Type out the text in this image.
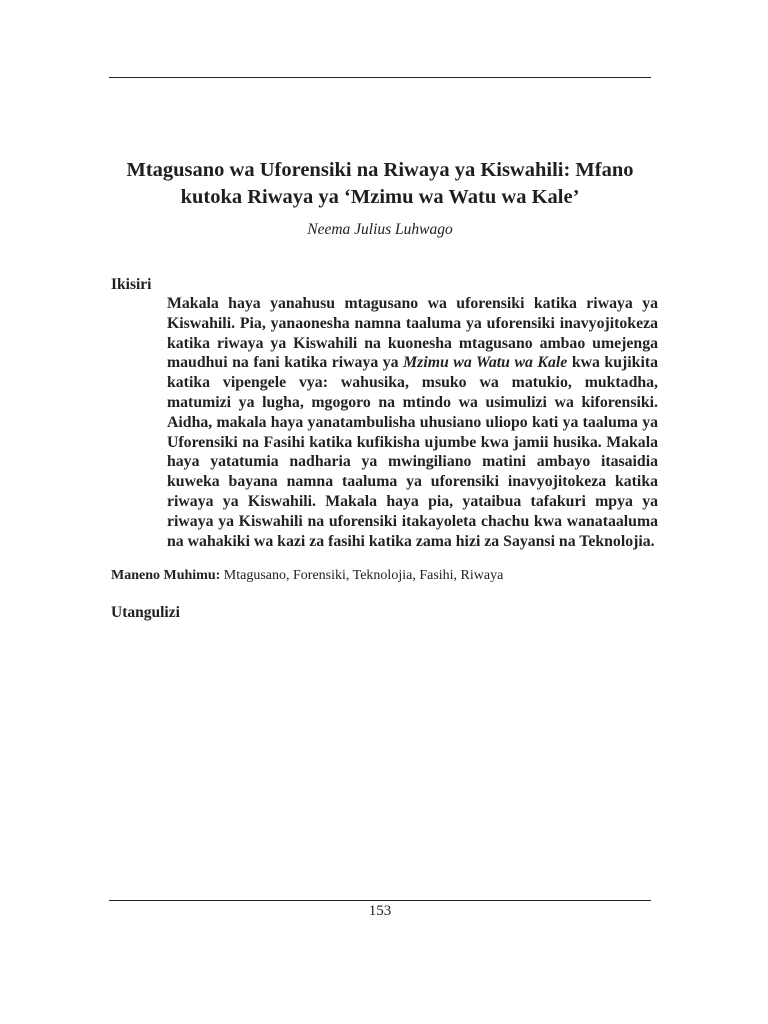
Mtagusano wa Uforensiki na Riwaya ya Kiswahili: Mfano
kutoka Riwaya ya ‘Mzimu wa Watu wa Kale’
Neema Julius Luhwago
Ikisiri
Makala haya yanahusu mtagusano wa uforensiki katika riwaya ya Kiswahili. Pia, yanaonesha namna taaluma ya uforensiki inavyojitokeza katika riwaya ya Kiswahili na kuonesha mtagusano ambao umejenga maudhui na fani katika riwaya ya Mzimu wa Watu wa Kale kwa kujikita katika vipengele vya: wahusika, msuko wa matukio, muktadha, matumizi ya lugha, mgogoro na mtindo wa usimulizi wa kiforensiki. Aidha, makala haya yanatambulisha uhusiano uliopo kati ya taaluma ya Uforensiki na Fasihi katika kufikisha ujumbe kwa jamii husika. Makala haya yatatumia nadharia ya mwingiliano matini ambayo itasaidia kuweka bayana namna taaluma ya uforensiki inavyojitokeza katika riwaya ya Kiswahili. Makala haya pia, yataibua tafakuri mpya ya riwaya ya Kiswahili na uforensiki itakayoleta chachu kwa wanataaluma na wahakiki wa kazi za fasihi katika zama hizi za Sayansi na Teknolojia.
Maneno Muhimu: Mtagusano, Forensiki, Teknolojia, Fasihi, Riwaya
Utangulizi
153
